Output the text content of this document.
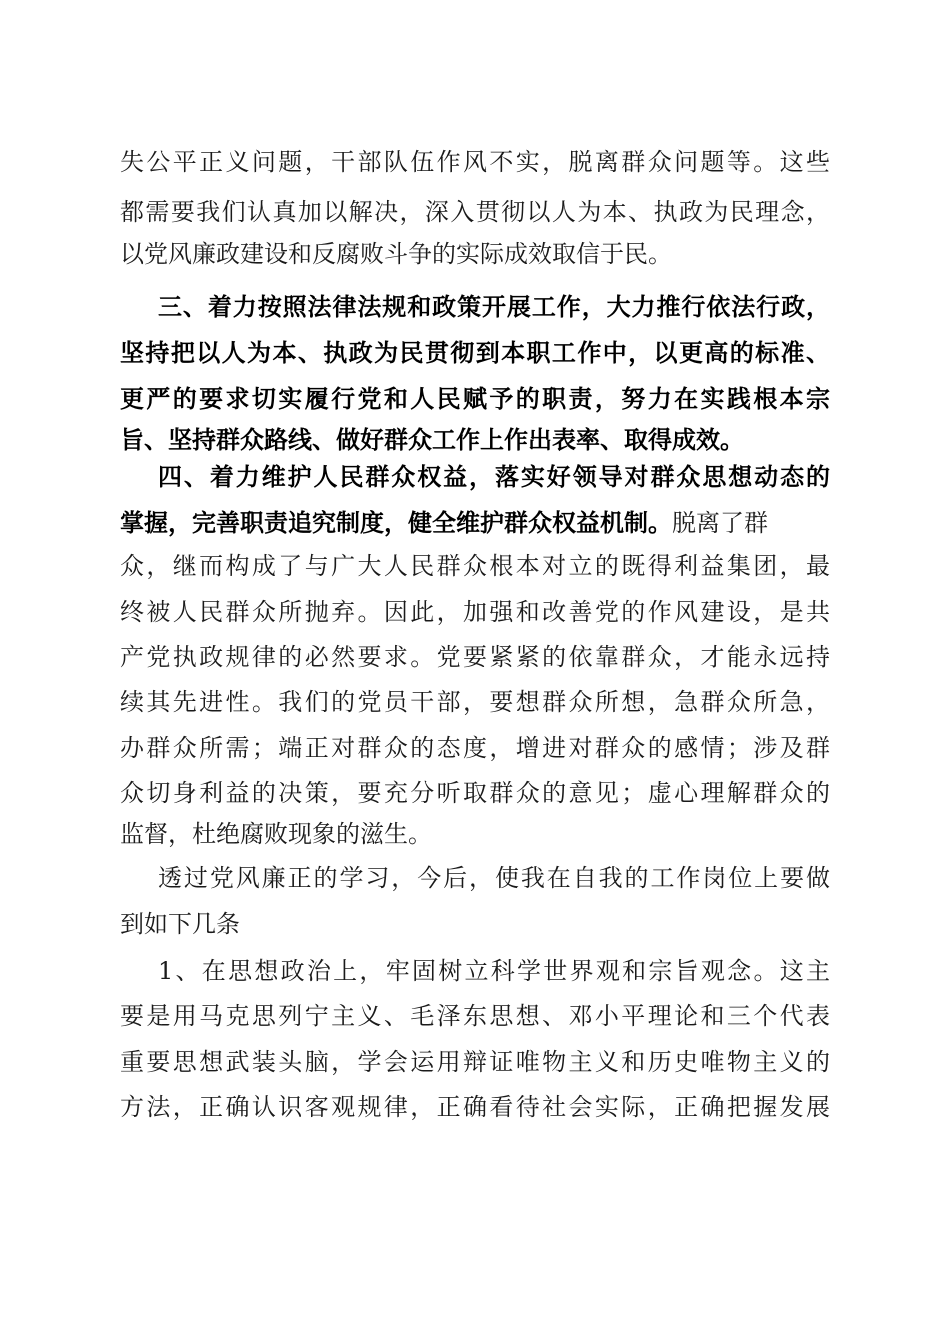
失公平正义问题，干部队伍作风不实，脱离群众问题等。这些
都需要我们认真加以解决，深入贯彻以人为本、执政为民理念，
以党风廉政建设和反腐败斗争的实际成效取信于民。
三、着力按照法律法规和政策开展工作，大力推行依法行政，
坚持把以人为本、执政为民贯彻到本职工作中，以更高的标准、
更严的要求切实履行党和人民赋予的职责，努力在实践根本宗
旨、坚持群众路线、做好群众工作上作出表率、取得成效。
四、着力维护人民群众权益，落实好领导对群众思想动态的
掌握，完善职责追究制度，健全维护群众权益机制。脱离了群
众，继而构成了与广大人民群众根本对立的既得利益集团，最
终被人民群众所抛弃。因此，加强和改善党的作风建设，是共
产党执政规律的必然要求。党要紧紧的依靠群众，才能永远持
续其先进性。我们的党员干部，要想群众所想，急群众所急，
办群众所需；端正对群众的态度，增进对群众的感情；涉及群
众切身利益的决策，要充分听取群众的意见；虚心理解群众的
监督，杜绝腐败现象的滋生。
透过党风廉正的学习，今后，使我在自我的工作岗位上要做
到如下几条
1、在思想政治上，牢固树立科学世界观和宗旨观念。这主
要是用马克思列宁主义、毛泽东思想、邓小平理论和三个代表
重要思想武装头脑，学会运用辩证唯物主义和历史唯物主义的
方法，正确认识客观规律，正确看待社会实际，正确把握发展
